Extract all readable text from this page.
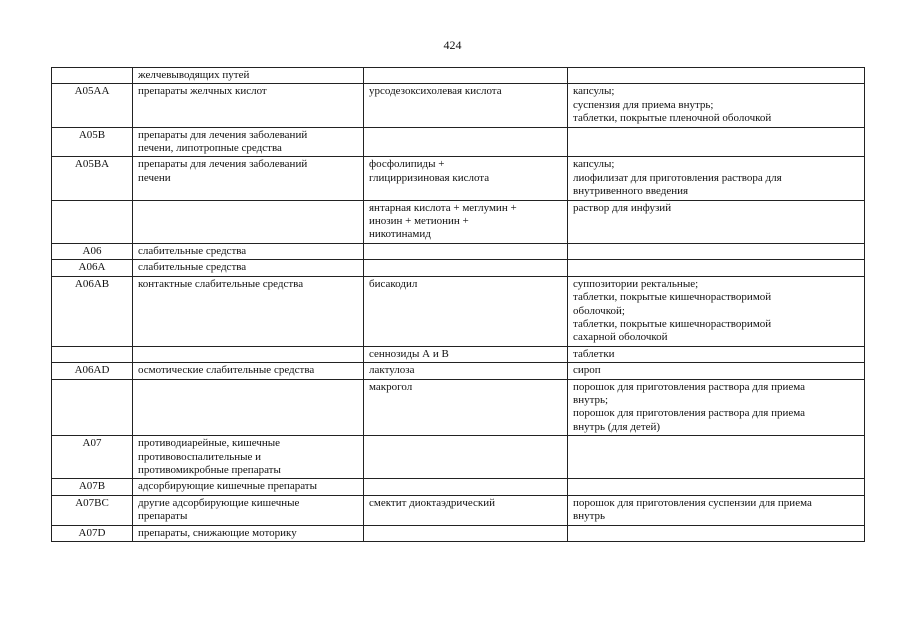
424

	желчевыводящих путей		

A05AA	препараты желчных кислот	урсодезоксихолевая кислота	капсулы;
суспензия для приема внутрь;
таблетки, покрытые пленочной оболочкой

A05B	препараты для лечения заболеваний
печени, липотропные средства		

A05BA	препараты для лечения заболеваний
печени	фосфолипиды +
глицирризиновая кислота	капсулы;
лиофилизат для приготовления раствора для
внутривенного введения

		янтарная кислота + меглумин +
инозин + метионин +
никотинамид	раствор для инфузий

A06	слабительные средства		

A06A	слабительные средства		

A06AB	контактные слабительные средства	бисакодил	суппозитории ректальные;
таблетки, покрытые кишечнорастворимой
оболочкой;
таблетки, покрытые кишечнорастворимой
сахарной оболочкой

		сеннозиды А и В	таблетки

A06AD	осмотические слабительные средства	лактулоза	сироп

		макрогол	порошок для приготовления раствора для приема
внутрь;
порошок для приготовления раствора для приема
внутрь (для детей)

A07	противодиарейные, кишечные
противовоспалительные и
противомикробные препараты		

A07B	адсорбирующие кишечные препараты		

A07BC	другие адсорбирующие кишечные
препараты	смектит диоктаэдрический	порошок для приготовления суспензии для приема
внутрь

A07D	препараты, снижающие моторику		
